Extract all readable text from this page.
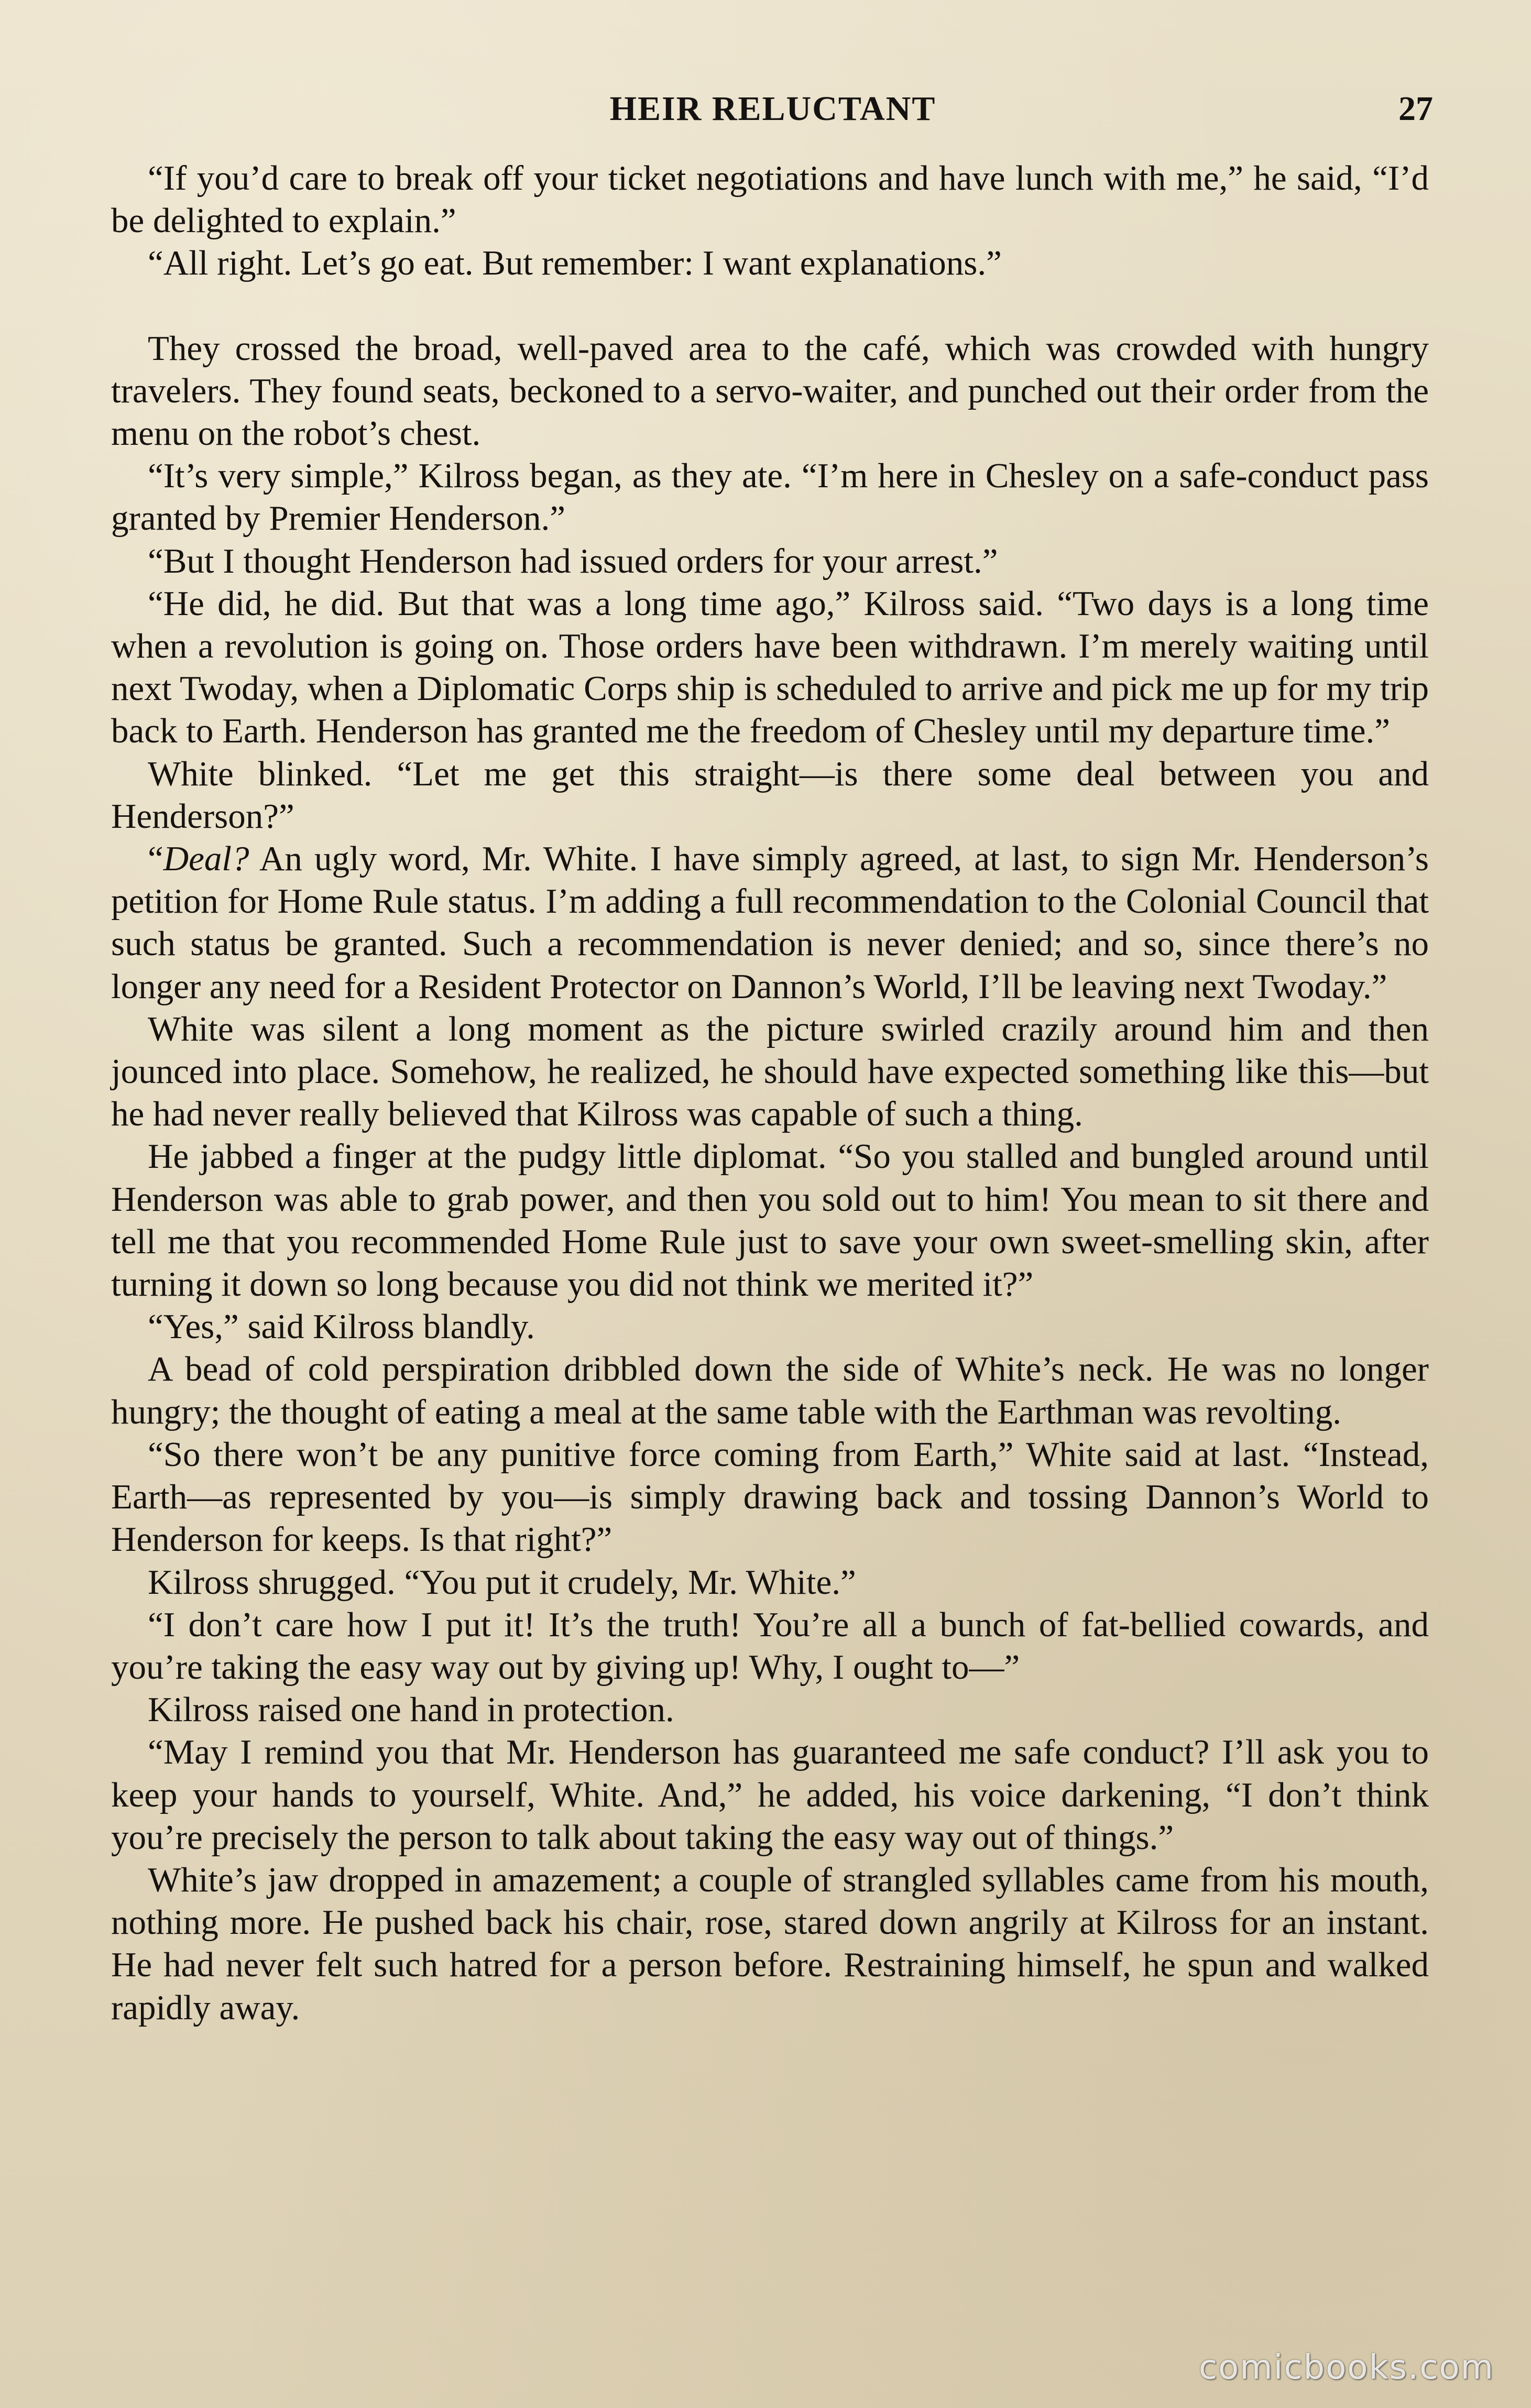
HEIR RELUCTANT	27

“If you’d care to break off your ticket negotiations and have lunch with me,” he said, “I’d be delighted to explain.”

“All right. Let’s go eat. But remember: I want explanations.”

They crossed the broad, well-paved area to the café, which was crowded with hungry travelers. They found seats, beckoned to a servo-waiter, and punched out their order from the menu on the robot’s chest.

“It’s very simple,” Kilross began, as they ate. “I’m here in Chesley on a safe-conduct pass granted by Premier Henderson.”

“But I thought Henderson had issued orders for your arrest.”

“He did, he did. But that was a long time ago,” Kilross said. “Two days is a long time when a revolution is going on. Those orders have been withdrawn. I’m merely waiting until next Twoday, when a Diplomatic Corps ship is scheduled to arrive and pick me up for my trip back to Earth. Henderson has granted me the freedom of Chesley until my departure time.”

White blinked. “Let me get this straight—is there some deal between you and Henderson?”

“Deal? An ugly word, Mr. White. I have simply agreed, at last, to sign Mr. Henderson’s petition for Home Rule status. I’m adding a full recommendation to the Colonial Council that such status be granted. Such a recommendation is never denied; and so, since there’s no longer any need for a Resident Protector on Dannon’s World, I’ll be leaving next Twoday.”

White was silent a long moment as the picture swirled crazily around him and then jounced into place. Somehow, he realized, he should have expected something like this—but he had never really believed that Kilross was capable of such a thing.

He jabbed a finger at the pudgy little diplomat. “So you stalled and bungled around until Henderson was able to grab power, and then you sold out to him! You mean to sit there and tell me that you recommended Home Rule just to save your own sweet-smelling skin, after turning it down so long because you did not think we merited it?”

“Yes,” said Kilross blandly.

A bead of cold perspiration dribbled down the side of White’s neck. He was no longer hungry; the thought of eating a meal at the same table with the Earthman was revolting.

“So there won’t be any punitive force coming from Earth,” White said at last. “Instead, Earth—as represented by you—is simply drawing back and tossing Dannon’s World to Henderson for keeps. Is that right?”

Kilross shrugged. “You put it crudely, Mr. White.”

“I don’t care how I put it! It’s the truth! You’re all a bunch of fat-bellied cowards, and you’re taking the easy way out by giving up! Why, I ought to—”

Kilross raised one hand in protection.

“May I remind you that Mr. Henderson has guaranteed me safe conduct? I’ll ask you to keep your hands to yourself, White. And,” he added, his voice darkening, “I don’t think you’re precisely the person to talk about taking the easy way out of things.”

White’s jaw dropped in amazement; a couple of strangled syllables came from his mouth, nothing more. He pushed back his chair, rose, stared down angrily at Kilross for an instant. He had never felt such hatred for a person before. Restraining himself, he spun and walked rapidly away.

comicbooks.com
